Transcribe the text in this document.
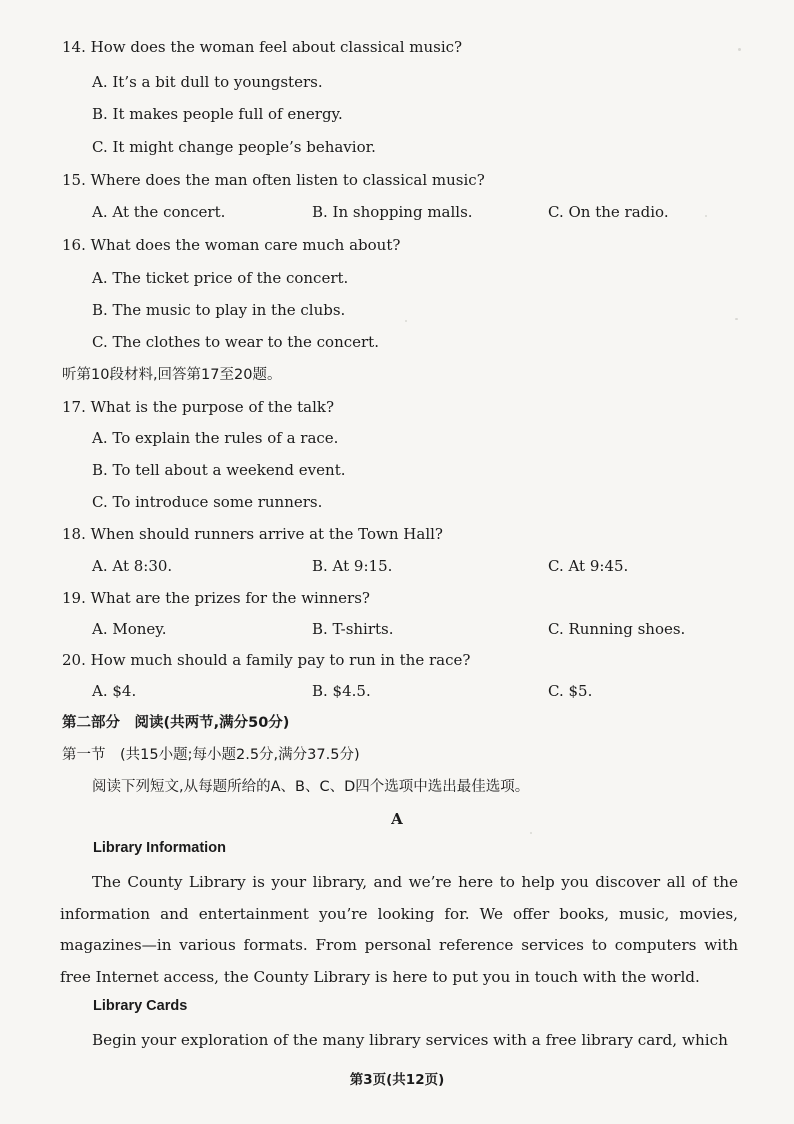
14. How does the woman feel about classical music?
A. It’s a bit dull to youngsters.
B. It makes people full of energy.
C. It might change people’s behavior.
15. Where does the man often listen to classical music?
A. At the concert.	B. In shopping malls.	C. On the radio.
16. What does the woman care much about?
A. The ticket price of the concert.
B. The music to play in the clubs.
C. The clothes to wear to the concert.
听第10段材料,回答第17至20题。
17. What is the purpose of the talk?
A. To explain the rules of a race.
B. To tell about a weekend event.
C. To introduce some runners.
18. When should runners arrive at the Town Hall?
A. At 8:30.	B. At 9:15.	C. At 9:45.
19. What are the prizes for the winners?
A. Money.	B. T-shirts.	C. Running shoes.
20. How much should a family pay to run in the race?
A. $4.	B. $4.5.	C. $5.
第二部分　阅读(共两节,满分50分)
第一节　(共15小题;每小题2.5分,满分37.5分)
阅读下列短文,从每题所给的A、B、C、D四个选项中选出最佳选项。
A
Library Information
The County Library is your library, and we’re here to help you discover all of the information and entertainment you’re looking for. We offer books, music, movies, magazines—in various formats. From personal reference services to computers with free Internet access, the County Library is here to put you in touch with the world.
Library Cards
Begin your exploration of the many library services with a free library card, which
第3页(共12页)
